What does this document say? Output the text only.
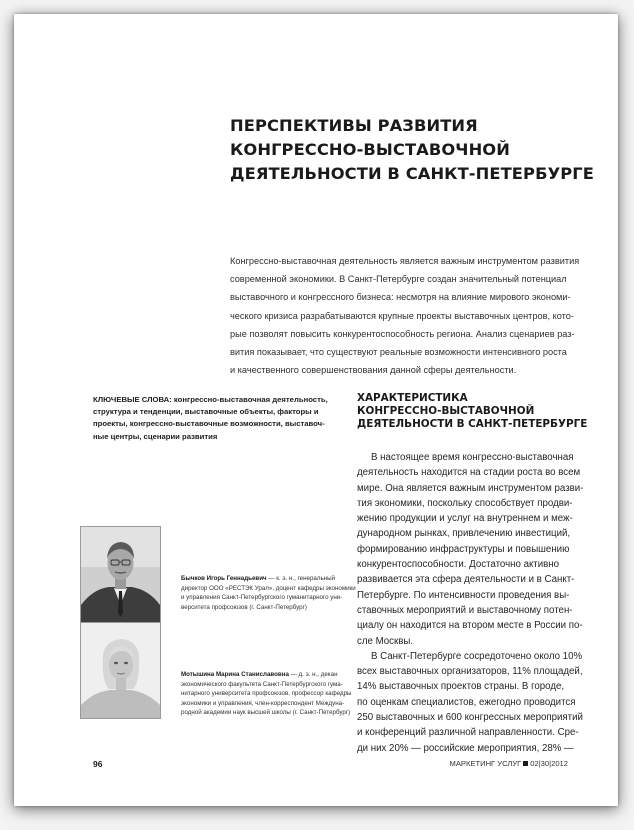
ПЕРСПЕКТИВЫ РАЗВИТИЯ
КОНГРЕССНО-ВЫСТАВОЧНОЙ
ДЕЯТЕЛЬНОСТИ В САНКТ-ПЕТЕРБУРГЕ
Конгрессно-выставочная деятельность является важным инструментом развития
современной экономики. В Санкт-Петербурге создан значительный потенциал
выставочного и конгрессного бизнеса: несмотря на влияние мирового экономи-
ческого кризиса разрабатываются крупные проекты выставочных центров, кото-
рые позволят повысить конкурентоспособность региона. Анализ сценариев раз-
вития показывает, что существуют реальные возможности интенсивного роста
и качественного совершенствования данной сферы деятельности.
КЛЮЧЕВЫЕ СЛОВА: конгрессно-выставочная деятельность,
структура и тенденции, выставочные объекты, факторы и
проекты, конгрессно-выставочные возможности, выставоч-
ные центры, сценарии развития
ХАРАКТЕРИСТИКА
КОНГРЕССНО-ВЫСТАВОЧНОЙ
ДЕЯТЕЛЬНОСТИ В САНКТ-ПЕТЕРБУРГЕ
В настоящее время конгрессно-выставочная
деятельность находится на стадии роста во всем
мире. Она является важным инструментом разви-
тия экономики, поскольку способствует продви-
жению продукции и услуг на внутреннем и меж-
дународном рынках, привлечению инвестиций,
формированию инфраструктуры и повышению
конкурентоспособности. Достаточно активно
развивается эта сфера деятельности и в Санкт-
Петербурге. По интенсивности проведения вы-
ставочных мероприятий и выставочному потен-
циалу он находится на втором месте в России по-
сле Москвы.
В Санкт-Петербурге сосредоточено около 10%
всех выставочных организаторов, 11% площадей,
14% выставочных проектов страны. В городе,
по оценкам специалистов, ежегодно проводится
250 выставочных и 600 конгрессных мероприятий
и конференций различной направленности. Сре-
ди них 20% — российские мероприятия, 28% —
Бычков Игорь Геннадьевич — к. э. н., генеральный
директор ООО «РЕСТЭК Урал», доцент кафедры экономики
и управления Санкт-Петербургского гуманитарного уни-
верситета профсоюзов (г. Санкт-Петербург)
Мотышина Марина Станиславовна — д. э. н., декан
экономического факультета Санкт-Петербургского гума-
нитарного университета профсоюзов, профессор кафедры
экономики и управления, член-корреспондент Междуна-
родной академии наук высшей школы (г. Санкт-Петербург)
96	МАРКЕТИНГ УСЛУГ 02|30|2012
